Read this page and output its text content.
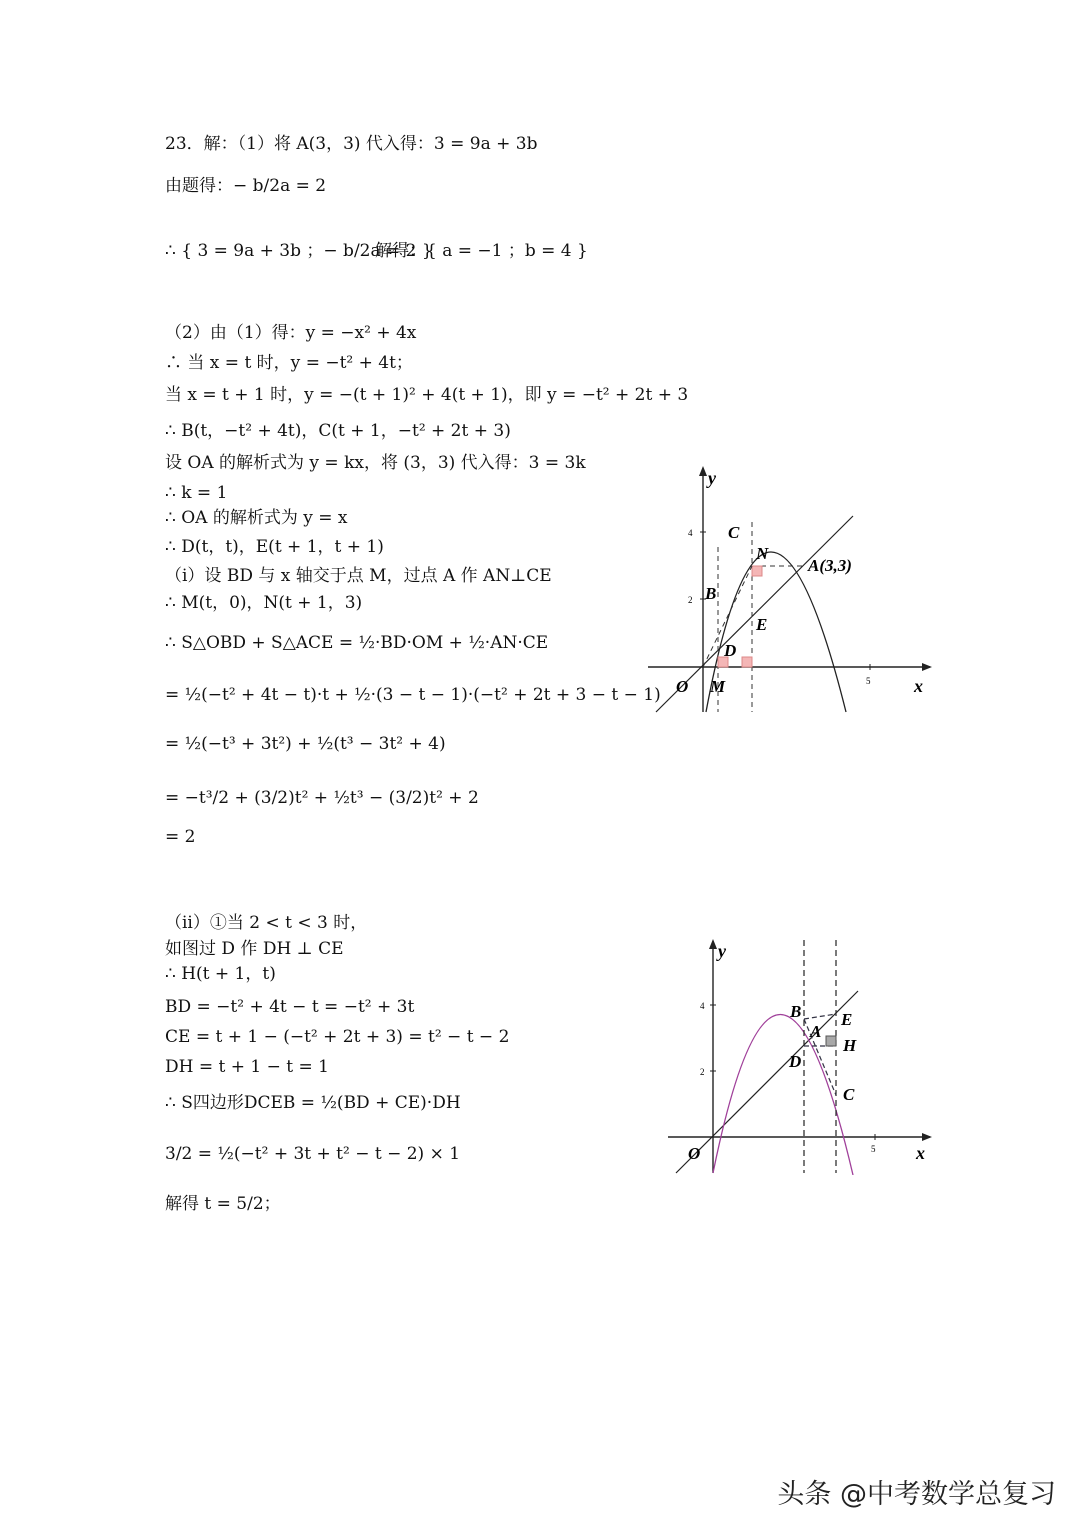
23．解：（1）将 A(3，3) 代入得：3 = 9a + 3b
由题得：− b/2a = 2
∴ { 3 = 9a + 3b ；− b/2a = 2 }
解得：{ a = −1 ；b = 4 }
（2）由（1）得：y = −x² + 4x
∴ 当 x = t 时，y = −t² + 4t；
当 x = t + 1 时，y = −(t + 1)² + 4(t + 1)，即 y = −t² + 2t + 3
∴ B(t，−t² + 4t)，C(t + 1，−t² + 2t + 3)
设 OA 的解析式为 y = kx，将 (3，3) 代入得：3 = 3k
∴ k = 1
∴ OA 的解析式为 y = x
∴ D(t，t)，E(t + 1，t + 1)
（i）设 BD 与 x 轴交于点 M，过点 A 作 AN⊥CE
∴ M(t，0)，N(t + 1，3)
∴ S△OBD + S△ACE = ½·BD·OM + ½·AN·CE
= ½(−t² + 4t − t)·t + ½·(3 − t − 1)·(−t² + 2t + 3 − t − 1)
= ½(−t³ + 3t²) + ½(t³ − 3t² + 4)
= −t³/2 + (3/2)t² + ½t³ − (3/2)t² + 2
= 2
（ii）①当 2 < t < 3 时，
如图过 D 作 DH ⊥ CE
∴ H(t + 1，t)
BD = −t² + 4t − t = −t² + 3t
CE = t + 1 − (−t² + 2t + 3) = t² − t − 2
DH = t + 1 − t = 1
∴ S四边形DCEB = ½(BD + CE)·DH
3/2 = ½(−t² + 3t + t² − t − 2) × 1
解得 t = 5/2；
2
4
5
y
x
O
C
N
A(3,3)
B
E
D
M
2
4
5
y
x
O
B
A
E
H
D
C
头条 @中考数学总复习
